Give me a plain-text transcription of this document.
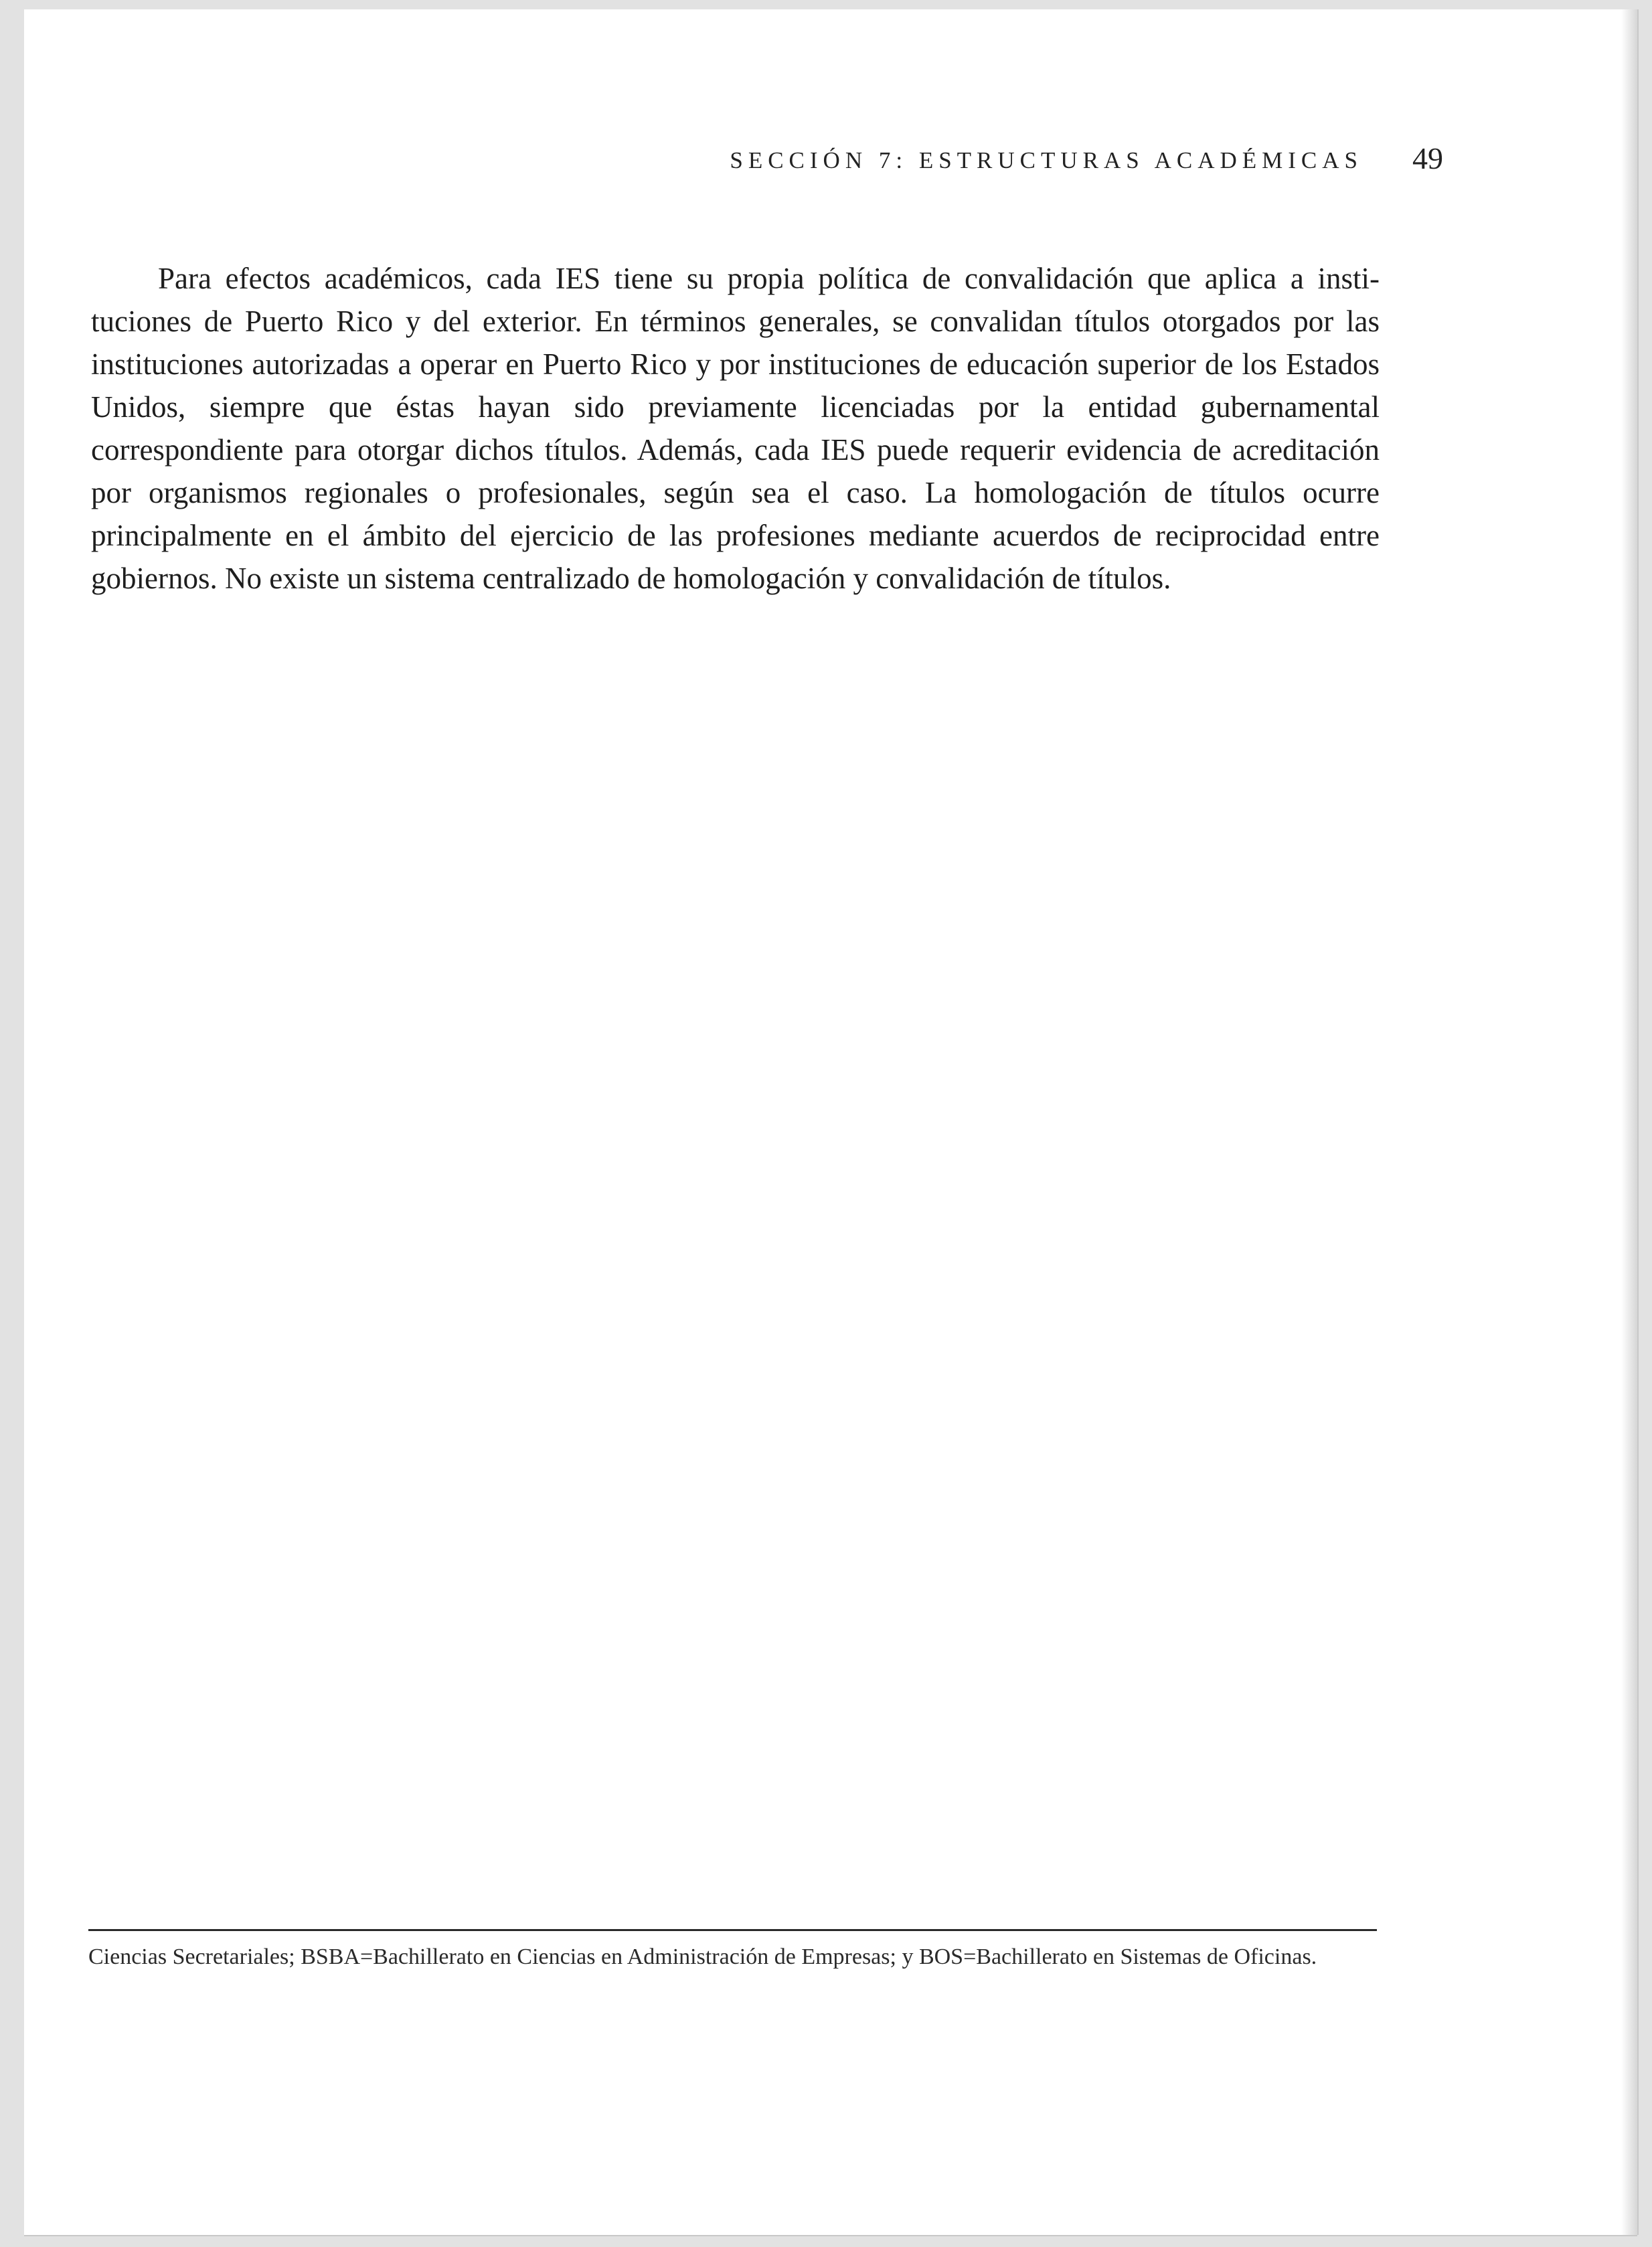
SECCIÓN 7: ESTRUCTURAS ACADÉMICAS 49

Para efectos académicos, cada IES tiene su propia política de convalidación que aplica a instituciones de Puerto Rico y del exterior. En términos generales, se convalidan títulos otorgados por las instituciones autorizadas a operar en Puerto Rico y por instituciones de educación superior de los Estados Unidos, siempre que éstas hayan sido previamente licenciadas por la entidad gubernamental correspondiente para otorgar dichos títulos. Además, cada IES puede requerir evidencia de acreditación por organismos regionales o profesionales, según sea el caso. La homologación de títulos ocurre principalmente en el ámbito del ejercicio de las profesiones mediante acuerdos de reciprocidad entre gobiernos. No existe un sistema centralizado de homologación y convalidación de títulos.

Ciencias Secretariales; BSBA=Bachillerato en Ciencias en Administración de Empresas; y BOS=Bachillerato en Sistemas de Oficinas.
